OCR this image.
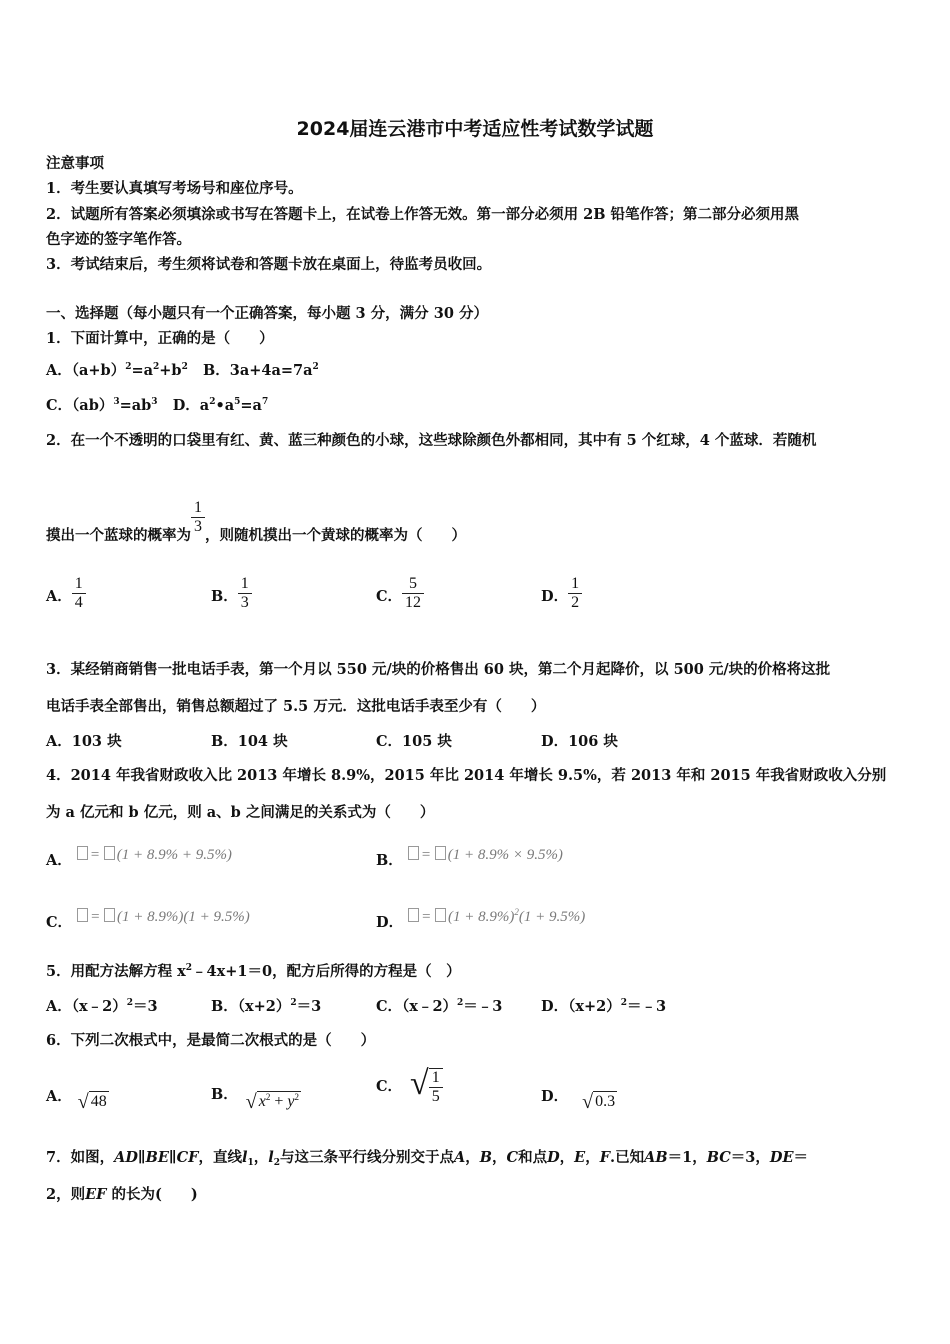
2024届连云港市中考适应性考试数学试题
注意事项
1．考生要认真填写考场号和座位序号。
2．试题所有答案必须填涂或书写在答题卡上，在试卷上作答无效。第一部分必须用 2B 铅笔作答；第二部分必须用黑
色字迹的签字笔作答。
3．考试结束后，考生须将试卷和答题卡放在桌面上，待监考员收回。
一、选择题（每小题只有一个正确答案，每小题 3 分，满分 30 分）
1．下面计算中，正确的是（　　）
A．$(a+b)^2=a^2+b^2$ B．$3a+4a=7a^2$
C．$(ab)^3=ab^3$ D．$a^2•a^5=a^7$
2．在一个不透明的口袋里有红、黄、蓝三种颜色的小球，这些球除颜色外都相同，其中有 5 个红球，4 个蓝球．若随机
摸出一个蓝球的概率为 $\frac{1}{3}$ ，则随机摸出一个黄球的概率为（　　）
A． $\frac{1}{4}$	B． $\frac{1}{3}$	C． $\frac{5}{12}$	D． $\frac{1}{2}$
3．某经销商销售一批电话手表，第一个月以 550 元/块的价格售出 60 块，第二个月起降价，以 500 元/块的价格将这批
电话手表全部售出，销售总额超过了 5.5 万元．这批电话手表至少有（　　）
A．103 块	B．104 块	C．105 块	D．106 块
4．2014 年我省财政收入比 2013 年增长 8.9%，2015 年比 2014 年增长 9.5%，若 2013 年和 2015 年我省财政收入分别
为 a 亿元和 b 亿元，则 a、b 之间满足的关系式为（　　）
A． = (1 + 8.9% + 9.5%)	B． = (1 + 8.9% × 9.5%)
C． = (1 + 8.9%)(1 + 9.5%)	D． = $(1 + 8.9\%)^2(1 + 9.5\%)$
5．用配方法解方程 $x^2﹣4x+1=0$，配方后所得的方程是（　）
A．（x﹣2）$^2$＝3	B．$(x+2)^2=3$	C．（x﹣2）$^2$＝﹣3	D．$(x+2)^2=﹣3$
6．下列二次根式中，是最简二次根式的是（　　）
A． √ 48	B． √ $x^2 + y^2$
C． √ $\frac{1}{5}$	D． √ 0.3
7．如图，AD∥BE∥CF，直线$l_1$，$l_2$与这三条平行线分别交于点A，B，C和点D，E，F.已知AB＝1，BC＝3，DE＝
2，则EF 的长为(　　)
